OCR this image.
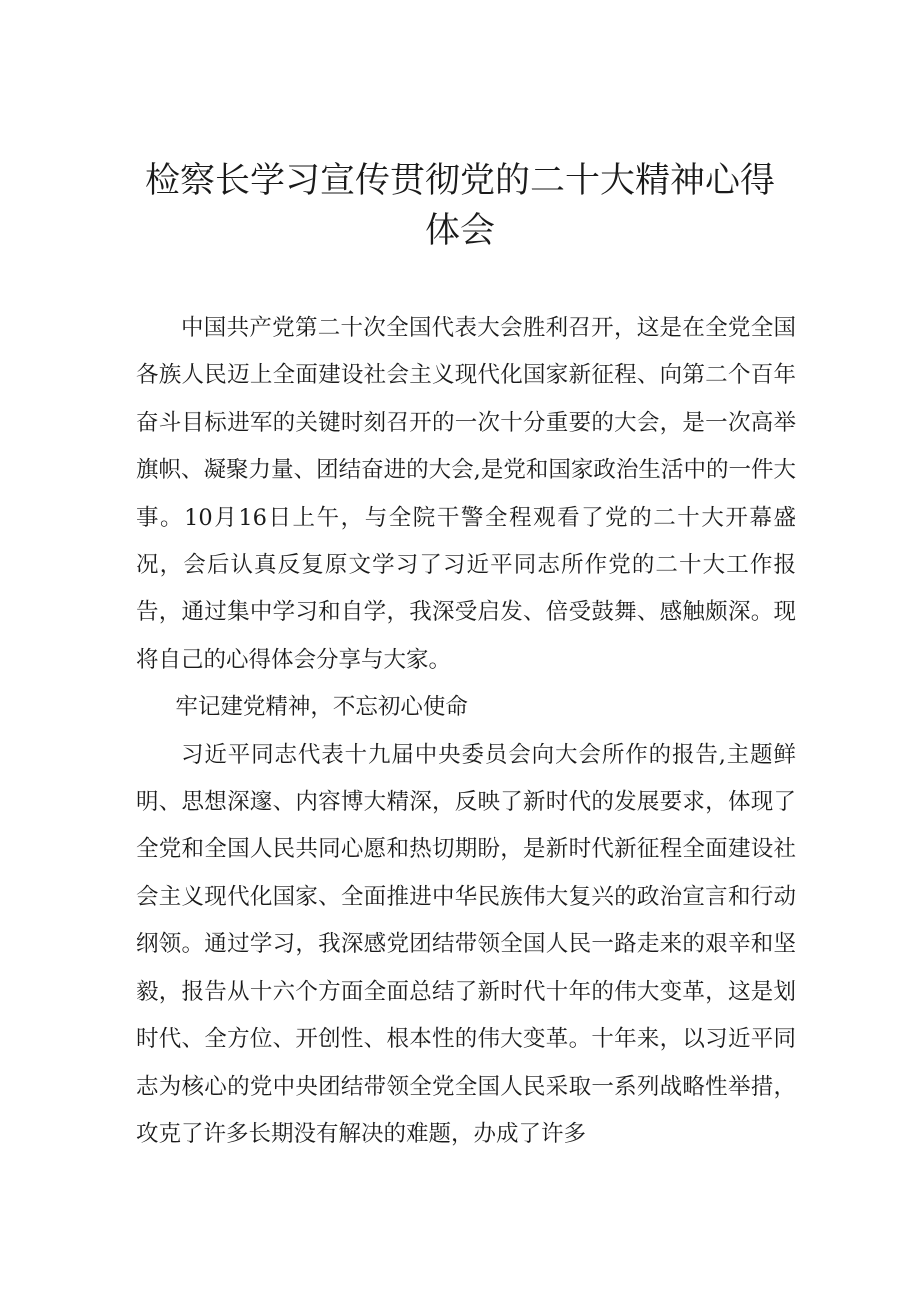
检察长学习宣传贯彻党的二十大精神心得
体会

中国共产党第二十次全国代表大会胜利召开，这是在全党全国各族人民迈上全面建设社会主义现代化国家新征程、向第二个百年奋斗目标进军的关键时刻召开的一次十分重要的大会，是一次高举旗帜、凝聚力量、团结奋进的大会,是党和国家政治生活中的一件大事。10月16日上午，与全院干警全程观看了党的二十大开幕盛况，会后认真反复原文学习了习近平同志所作党的二十大工作报告，通过集中学习和自学，我深受启发、倍受鼓舞、感触颇深。现将自己的心得体会分享与大家。

牢记建党精神，不忘初心使命

习近平同志代表十九届中央委员会向大会所作的报告,主题鲜明、思想深邃、内容博大精深，反映了新时代的发展要求，体现了全党和全国人民共同心愿和热切期盼，是新时代新征程全面建设社会主义现代化国家、全面推进中华民族伟大复兴的政治宣言和行动纲领。通过学习，我深感党团结带领全国人民一路走来的艰辛和坚毅，报告从十六个方面全面总结了新时代十年的伟大变革，这是划时代、全方位、开创性、根本性的伟大变革。十年来，以习近平同志为核心的党中央团结带领全党全国人民采取一系列战略性举措，攻克了许多长期没有解决的难题，办成了许多
